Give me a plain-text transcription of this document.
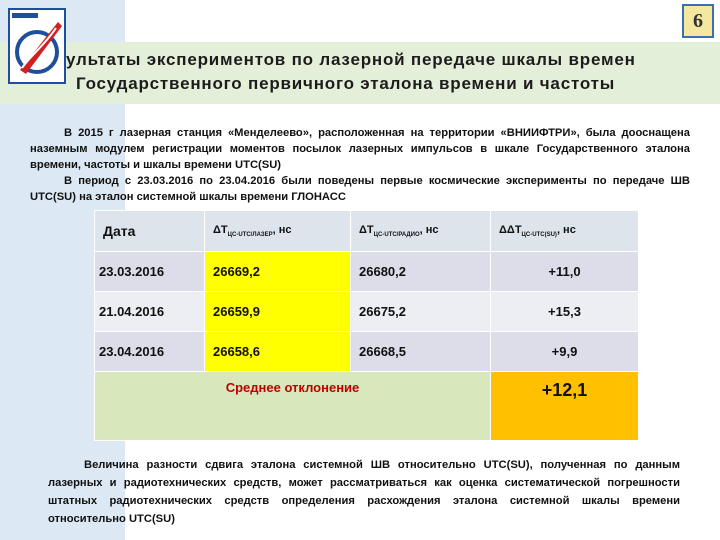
6
ультаты экспериментов по лазерной передаче шкалы времен
Государственного первичного эталона времени и частоты

В 2015 г лазерная станция «Менделеево», расположенная на территории «ВНИИФТРИ», была дооснащена наземным модулем регистрации моментов посылок лазерных импульсов в шкале Государственного эталона времени, частоты и шкалы времени UTC(SU)

В период с 23.03.2016 по 23.04.2016 были поведены первые космические эксперименты по передаче ШВ UTC(SU) на эталон системной шкалы времени ГЛОНАСС

Дата	$\Delta T_{ЦС-UTC/ЛАЗЕР}$, нс	$\Delta T_{ЦС-UTC/РАДИО}$, нс	$\Delta\Delta T_{ЦС-UTC(SU)}$, нс
23.03.2016	26669,2	26680,2	+11,0
21.04.2016	26659,9	26675,2	+15,3
23.04.2016	26658,6	26668,5	+9,9
Среднее отклонение			+12,1

Величина разности сдвига эталона системной ШВ относительно UTC(SU), полученная по данным лазерных и радиотехнических средств, может рассматриваться как оценка систематической погрешности штатных радиотехнических средств определения расхождения эталона системной шкалы времени относительно UTC(SU)
